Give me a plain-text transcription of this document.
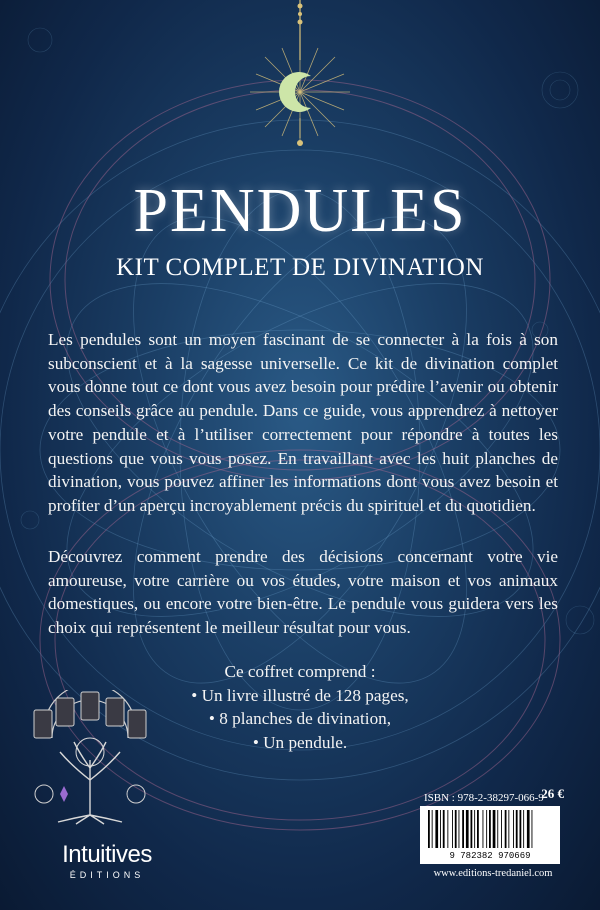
PENDULES
KIT COMPLET DE DIVINATION

Les pendules sont un moyen fascinant de se connecter à la fois à son subconscient et à la sagesse universelle. Ce kit de divination complet vous donne tout ce dont vous avez besoin pour prédire l’avenir ou obtenir des conseils grâce au pendule. Dans ce guide, vous apprendrez à nettoyer votre pendule et à l’utiliser correctement pour répondre à toutes les questions que vous vous posez. En travaillant avec les huit planches de divination, vous pouvez affiner les informations dont vous avez besoin et profiter d’un aperçu incroyablement précis du spirituel et du quotidien.

Découvrez comment prendre des décisions concernant votre vie amoureuse, votre carrière ou vos études, votre maison et vos animaux domestiques, ou encore votre bien-être. Le pendule vous guidera vers les choix qui représentent le meilleur résultat pour vous.

Ce coffret comprend :
• Un livre illustré de 128 pages,
• 8 planches de divination,
• Un pendule.
Intuitives
ÉDITIONS
ISBN : 978-2-38297-066-9
26 €
9 782382 970669
www.editions-tredaniel.com
